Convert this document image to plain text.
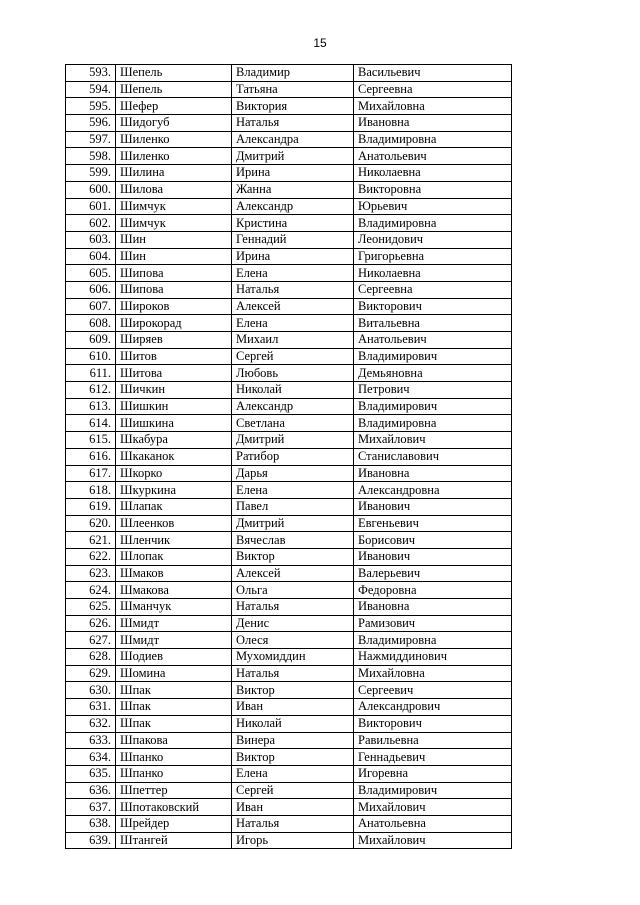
15
593.	Шепель	Владимир	Васильевич
594.	Шепель	Татьяна	Сергеевна
595.	Шефер	Виктория	Михайловна
596.	Шидогуб	Наталья	Ивановна
597.	Шиленко	Александра	Владимировна
598.	Шиленко	Дмитрий	Анатольевич
599.	Шилина	Ирина	Николаевна
600.	Шилова	Жанна	Викторовна
601.	Шимчук	Александр	Юрьевич
602.	Шимчук	Кристина	Владимировна
603.	Шин	Геннадий	Леонидович
604.	Шин	Ирина	Григорьевна
605.	Шипова	Елена	Николаевна
606.	Шипова	Наталья	Сергеевна
607.	Широков	Алексей	Викторович
608.	Широкорад	Елена	Витальевна
609.	Ширяев	Михаил	Анатольевич
610.	Шитов	Сергей	Владимирович
611.	Шитова	Любовь	Демьяновна
612.	Шичкин	Николай	Петрович
613.	Шишкин	Александр	Владимирович
614.	Шишкина	Светлана	Владимировна
615.	Шкабура	Дмитрий	Михайлович
616.	Шкаканок	Ратибор	Станиславович
617.	Шкорко	Дарья	Ивановна
618.	Шкуркина	Елена	Александровна
619.	Шлапак	Павел	Иванович
620.	Шлеенков	Дмитрий	Евгеньевич
621.	Шленчик	Вячеслав	Борисович
622.	Шлопак	Виктор	Иванович
623.	Шмаков	Алексей	Валерьевич
624.	Шмакова	Ольга	Федоровна
625.	Шманчук	Наталья	Ивановна
626.	Шмидт	Денис	Рамизович
627.	Шмидт	Олеся	Владимировна
628.	Шодиев	Мухомиддин	Нажмиддинович
629.	Шомина	Наталья	Михайловна
630.	Шпак	Виктор	Сергеевич
631.	Шпак	Иван	Александрович
632.	Шпак	Николай	Викторович
633.	Шпакова	Винера	Равильевна
634.	Шпанко	Виктор	Геннадьевич
635.	Шпанко	Елена	Игоревна
636.	Шпеттер	Сергей	Владимирович
637.	Шпотаковский	Иван	Михайлович
638.	Шрейдер	Наталья	Анатольевна
639.	Штангей	Игорь	Михайлович
